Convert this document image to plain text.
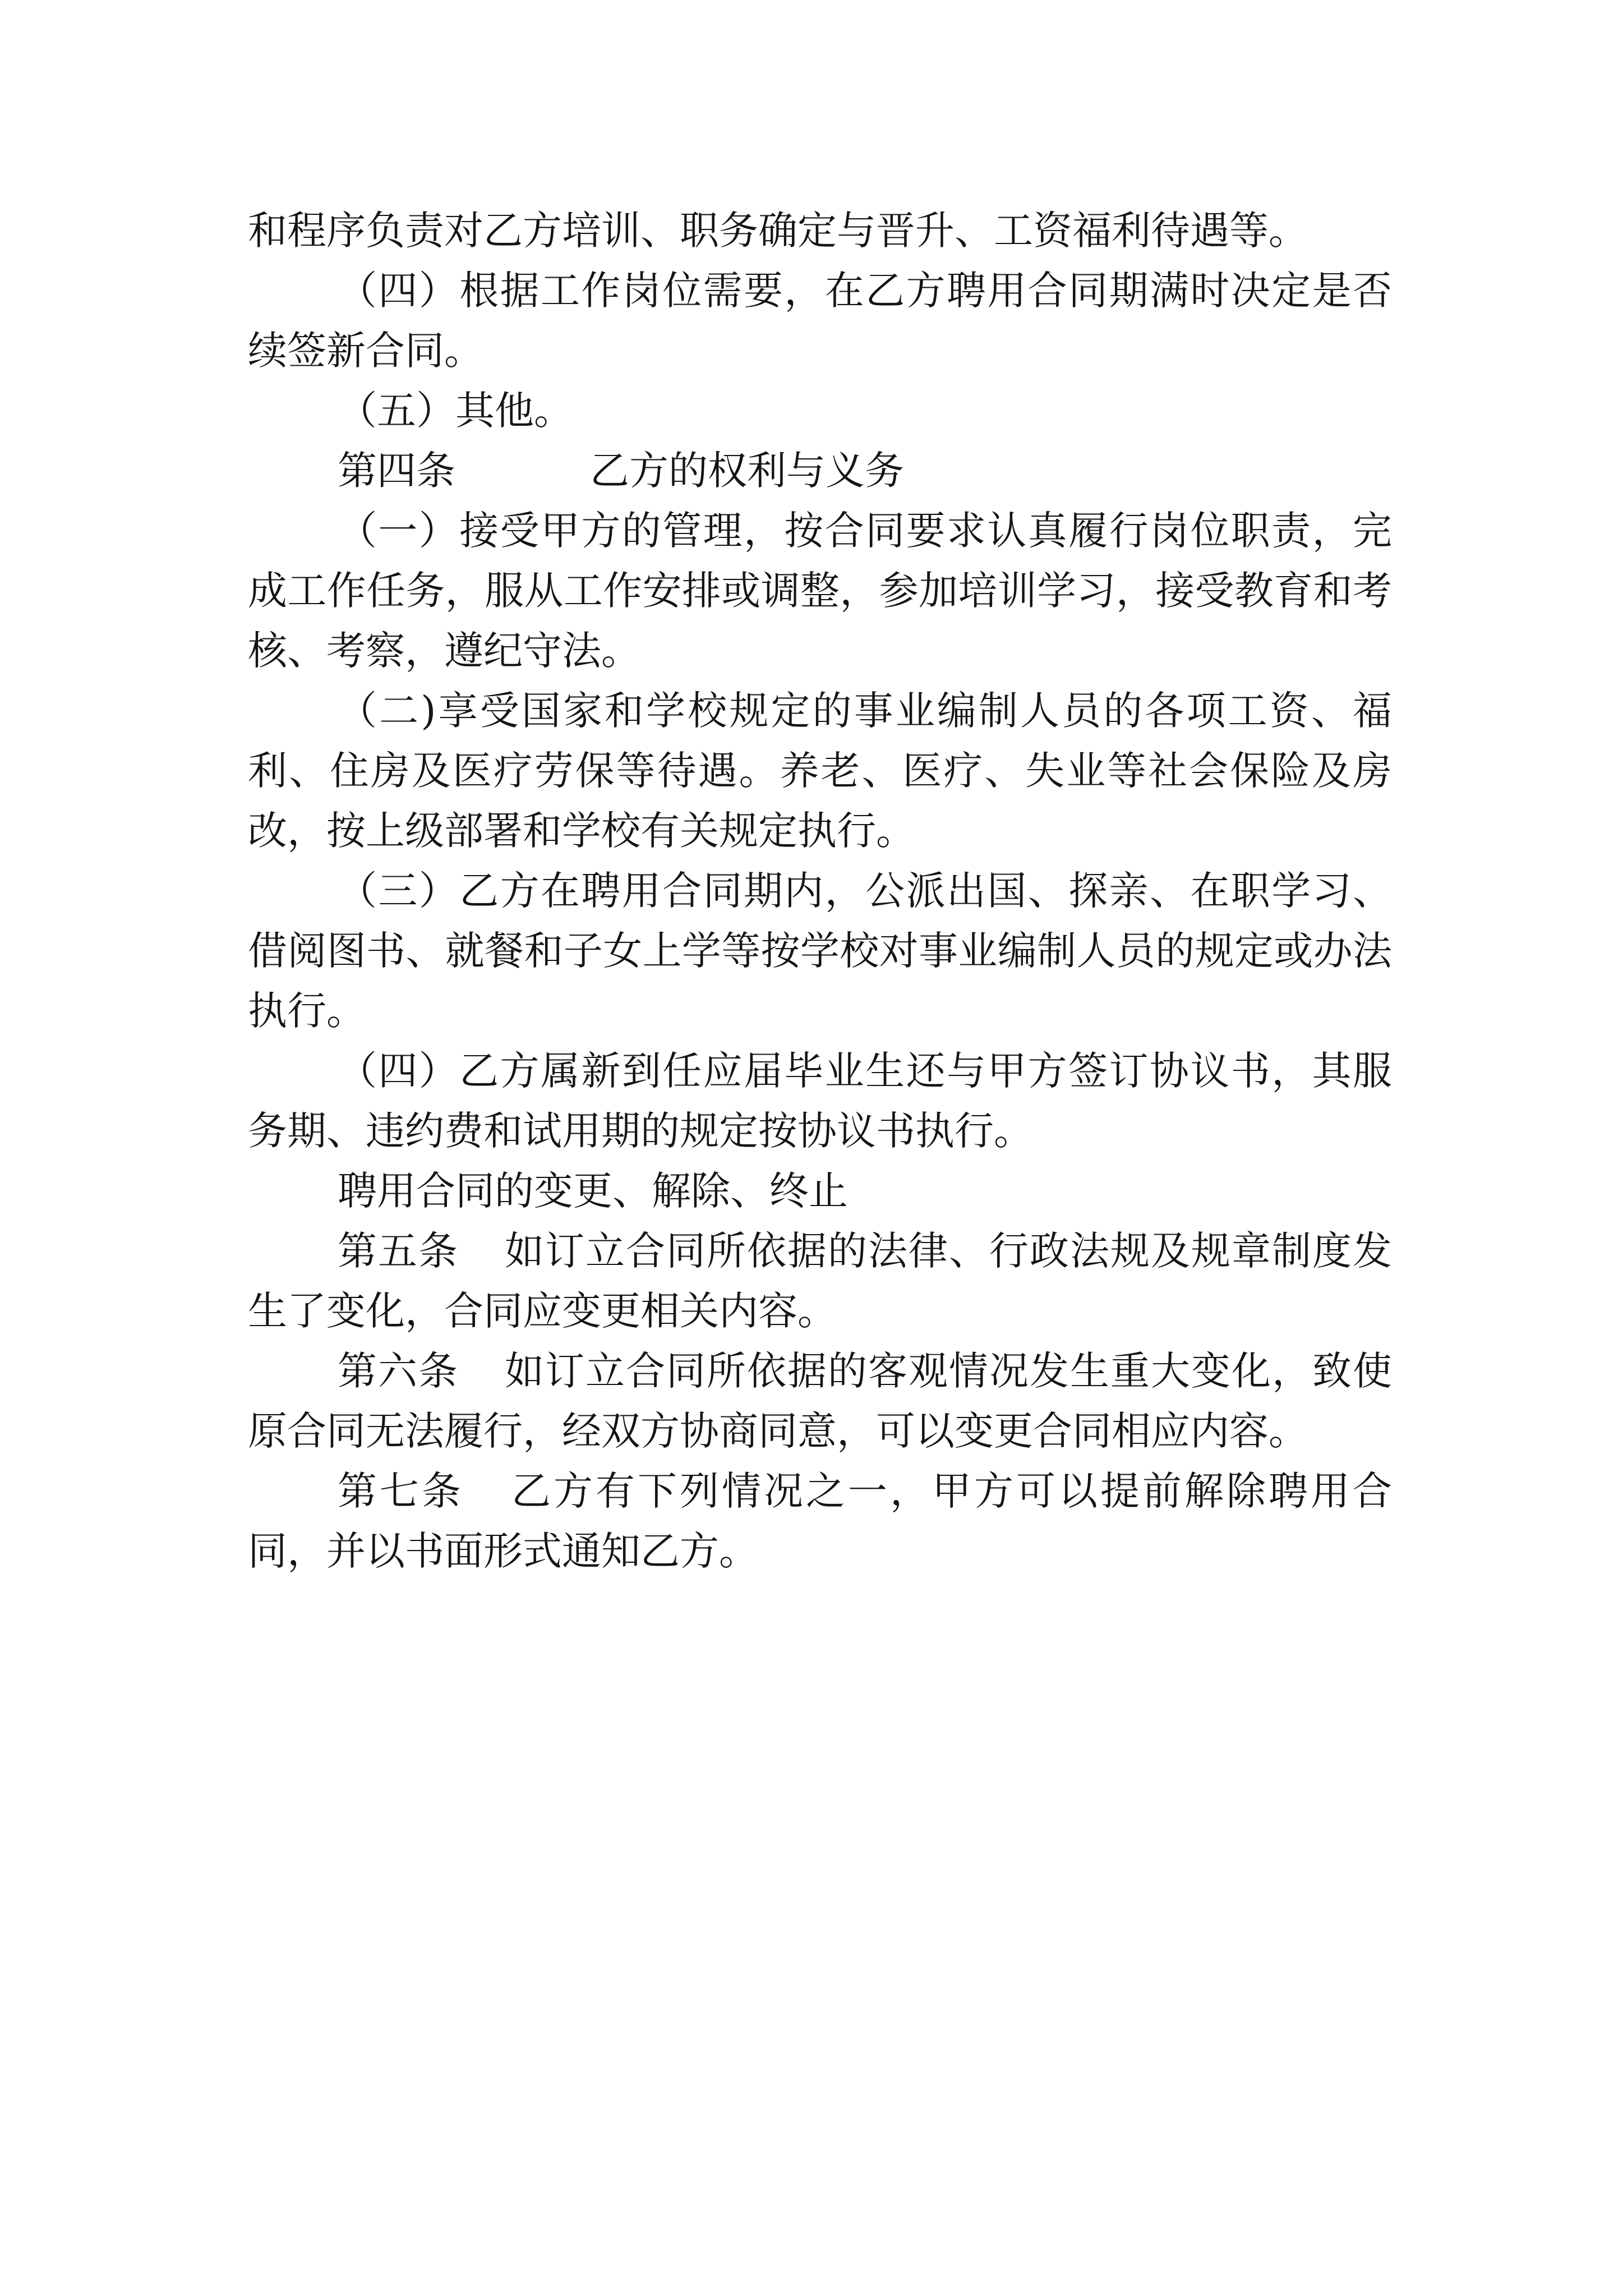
和程序负责对乙方培训、职务确定与晋升、工资福利待遇等。

（四）根据工作岗位需要，在乙方聘用合同期满时决定是否续签新合同。

（五）其他。

第四条	乙方的权利与义务

（一）接受甲方的管理，按合同要求认真履行岗位职责，完成工作任务，服从工作安排或调整，参加培训学习，接受教育和考核、考察，遵纪守法。

（二)享受国家和学校规定的事业编制人员的各项工资、福利、住房及医疗劳保等待遇。养老、医疗、失业等社会保险及房改，按上级部署和学校有关规定执行。

（三）乙方在聘用合同期内，公派出国、探亲、在职学习、借阅图书、就餐和子女上学等按学校对事业编制人员的规定或办法执行。

（四）乙方属新到任应届毕业生还与甲方签订协议书，其服务期、违约费和试用期的规定按协议书执行。

聘用合同的变更、解除、终止

第五条 如订立合同所依据的法律、行政法规及规章制度发生了变化，合同应变更相关内容。

第六条 如订立合同所依据的客观情况发生重大变化，致使原合同无法履行，经双方协商同意，可以变更合同相应内容。

第七条 乙方有下列情况之一，甲方可以提前解除聘用合同，并以书面形式通知乙方。
